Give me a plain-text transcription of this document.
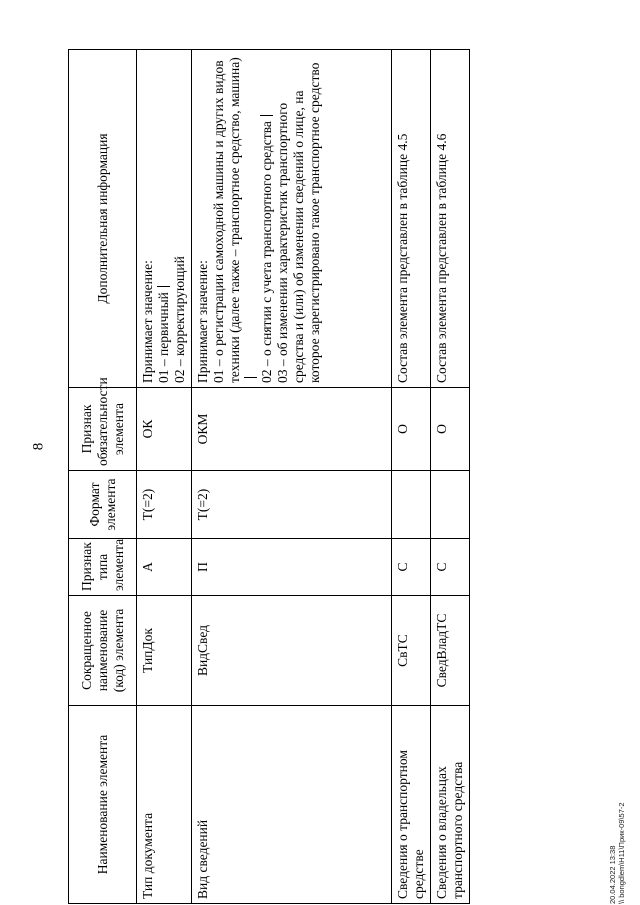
8
Наименование элемента	Сокращенное наименование (код) элемента	Признак типа элемента	Формат элемента	Признак обязательности элемента	Дополнительная информация
Тип документа	ТипДок	А	Т(=2)	ОК	Принимает значение: 01 – первичный 02 – корректирующий

Вид сведений	ВидСвед	П	Т(=2)	ОКМ	Принимает значение: 01 – о регистрации самоходной машины и других видов техники (далее также – транспортное средство, машина) 02 – о снятии с учета транспортного средства 03 – об изменении характеристик транспортного средства и (или) об изменении сведений о лице, на которое зарегистрировано такое транспортное средство

Сведения о транспортном средстве	СвТС	С		О	Состав элемента представлен в таблице 4.5

Сведения о владельцах транспортного средства	СведВладТС	С		О	Состав элемента представлен в таблице 4.6
20.04.2022 13:38 \\ bongdlem\Н11\Прик-09\57-2
